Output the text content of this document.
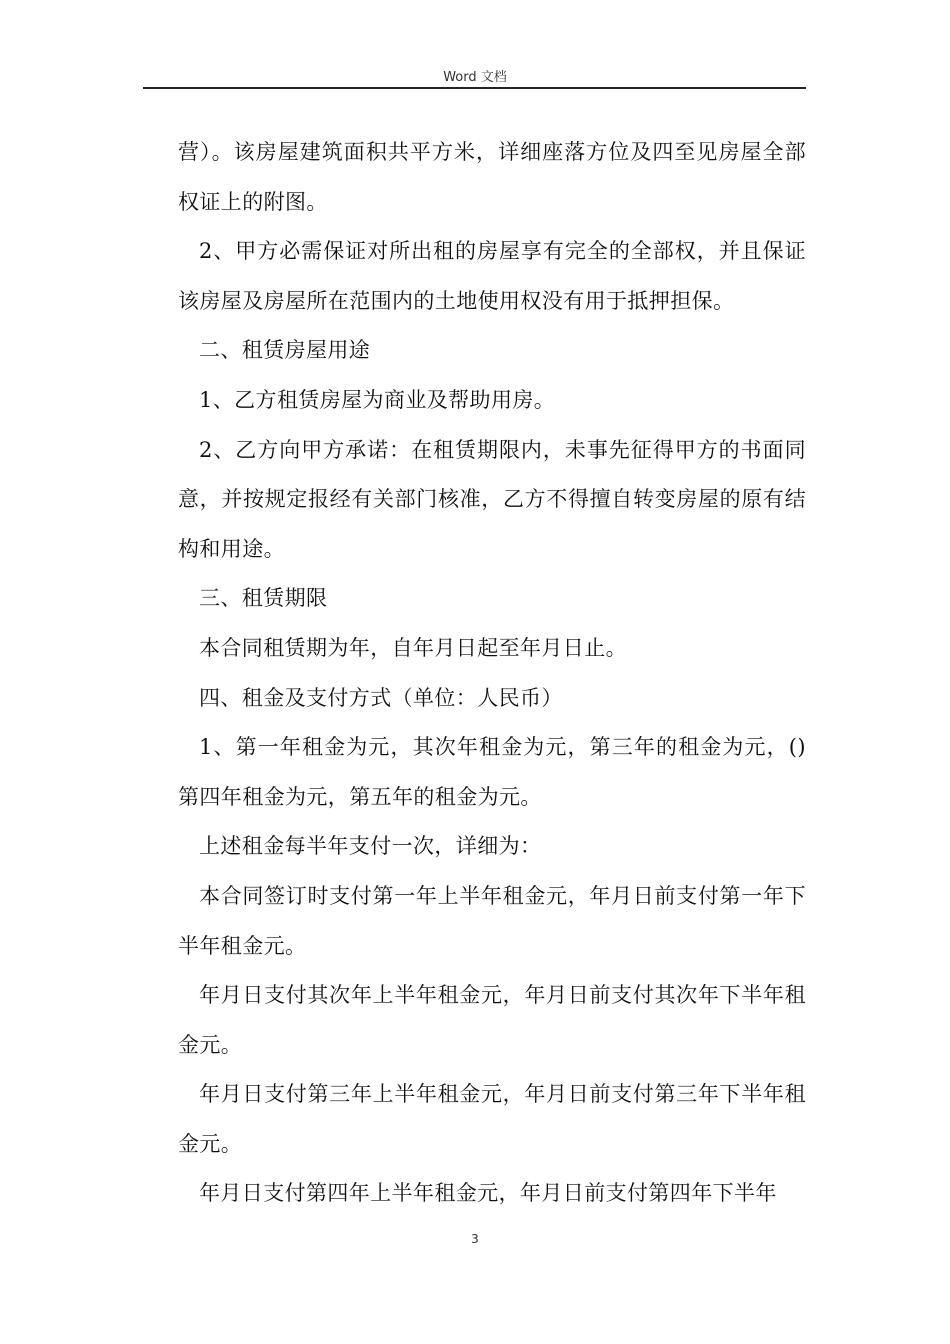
Word 文档

营）。该房屋建筑面积共平方米，详细座落方位及四至见房屋全部权证上的附图。

2、甲方必需保证对所出租的房屋享有完全的全部权，并且保证该房屋及房屋所在范围内的土地使用权没有用于抵押担保。

二、租赁房屋用途

1、乙方租赁房屋为商业及帮助用房。

2、乙方向甲方承诺：在租赁期限内，未事先征得甲方的书面同意，并按规定报经有关部门核准，乙方不得擅自转变房屋的原有结构和用途。

三、租赁期限

本合同租赁期为年，自年月日起至年月日止。

四、租金及支付方式（单位：人民币）

1、第一年租金为元，其次年租金为元，第三年的租金为元，()第四年租金为元，第五年的租金为元。

上述租金每半年支付一次，详细为：

本合同签订时支付第一年上半年租金元，年月日前支付第一年下半年租金元。

年月日支付其次年上半年租金元，年月日前支付其次年下半年租金元。

年月日支付第三年上半年租金元，年月日前支付第三年下半年租金元。

年月日支付第四年上半年租金元，年月日前支付第四年下半年

3
